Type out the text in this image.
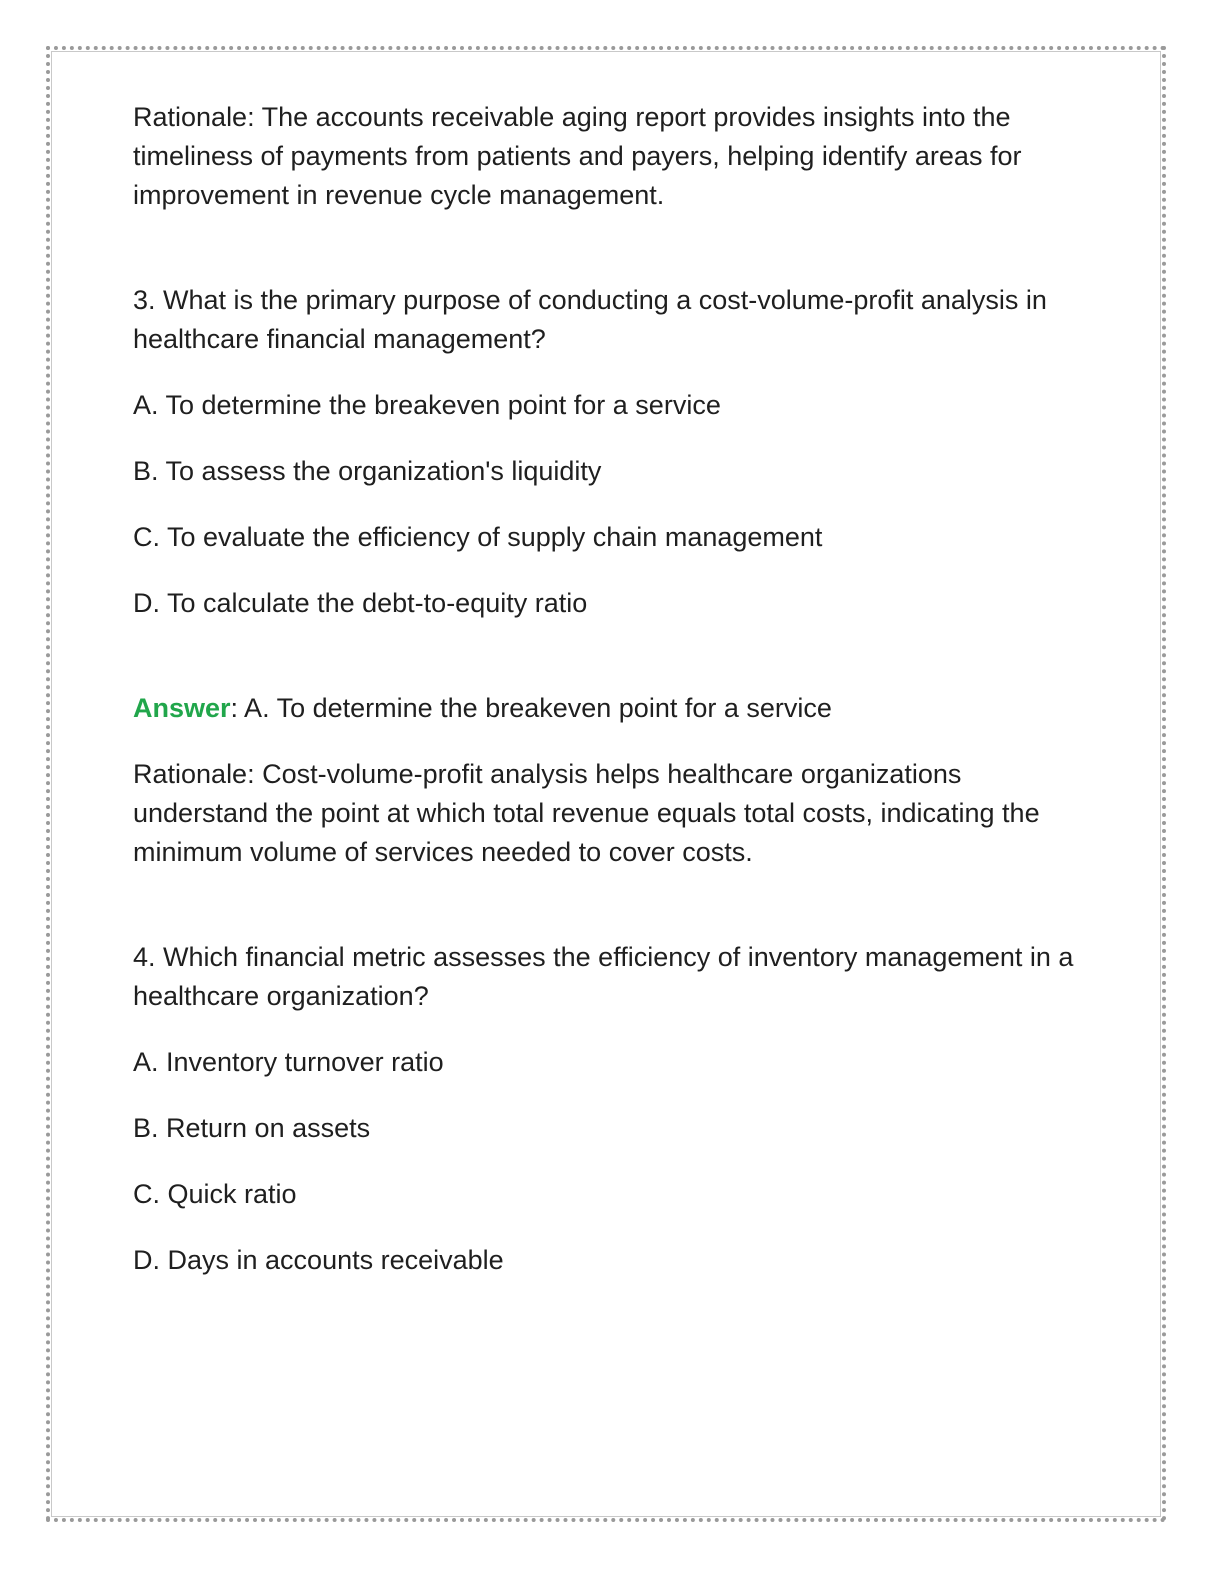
Rationale: The accounts receivable aging report provides insights into the timeliness of payments from patients and payers, helping identify areas for improvement in revenue cycle management.

3. What is the primary purpose of conducting a cost-volume-profit analysis in healthcare financial management?

A. To determine the breakeven point for a service

B. To assess the organization's liquidity

C. To evaluate the efficiency of supply chain management

D. To calculate the debt-to-equity ratio

Answer: A. To determine the breakeven point for a service

Rationale: Cost-volume-profit analysis helps healthcare organizations understand the point at which total revenue equals total costs, indicating the minimum volume of services needed to cover costs.

4. Which financial metric assesses the efficiency of inventory management in a healthcare organization?

A. Inventory turnover ratio

B. Return on assets

C. Quick ratio

D. Days in accounts receivable
